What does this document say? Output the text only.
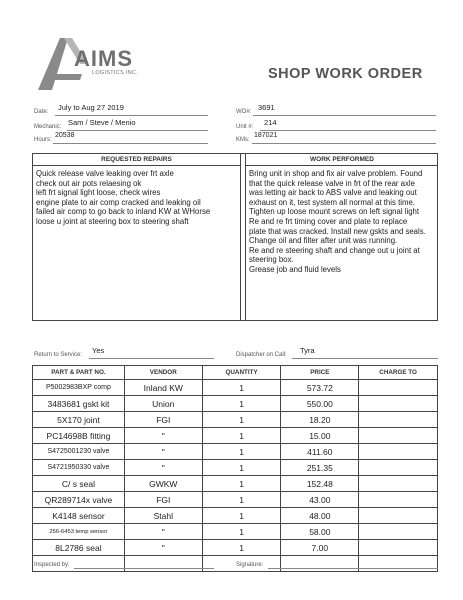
AIMS
LOGISTICS INC.	SHOP WORK ORDER
Date: July to Aug 27 2019
Mechanic: Sam / Steve / Menio
Hours:
20538
WO#: 3691
Unit #: 214
KMs:
187021
REQUESTED REPAIRS
Quick release valve leaking over frt axle
check out air pots relaesing ok
left frt signal light loose, check wires
engine plate to air comp cracked and leaking oil
failed air comp to go back to inland KW at WHorse
loose u joint at steering box to steering shaft
WORK PERFORMED
Bring unit in shop and fix air valve problem. Found
that the quick release valve in frt of the rear axle
was letting air back to ABS valve and leaking out
exhaust on it, test system all normal at this time.
Tighten up loose mount screws on left signal light
Re and re frt timing cover and plate to replace
plate that was cracked. Install new gskts and seals.
Change oil and filter after unit was running.
Re and re steering shaft and change out u joint at
steering box.
Grease job and fluid levels
Return to Service: Yes	Dispatcher on Call: Tyra
PART & PART NO.	VENDOR	QUANTITY	PRICE	CHARGE TO
P5002983BXP comp	Inland KW	1	573.72	
3483681 gskt kit	Union	1	550.00	
5X170 joint	FGI	1	18.20	
PC14698B fitting	"	1	15.00	
S4725001230 valve	"	1	411.60	
S4721950330 valve	"	1	251.35	
C/ s seal	GWKW	1	152.48	
QR289714x valve	FGI	1	43.00	
K4148 sensor	Stahl	1	48.00	
256-6453 temp sensor	"	1	58.00	
8L2786 seal	"	1	7.00	

Inspected by:	Signature:
